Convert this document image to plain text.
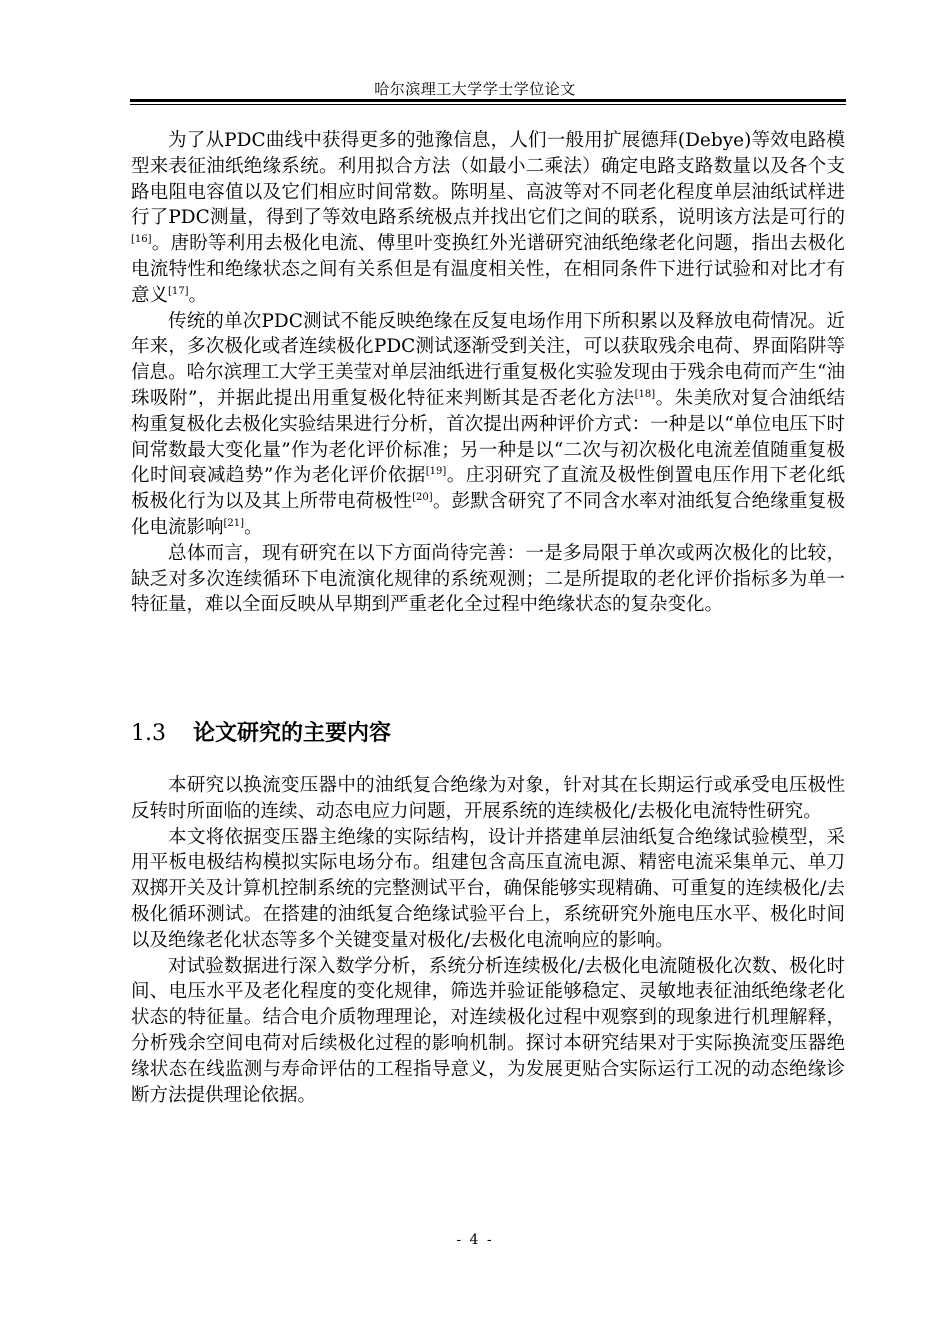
哈尔滨理工大学学士学位论文

为了从PDC曲线中获得更多的弛豫信息，人们一般用扩展德拜(Debye)等效电路模型来表征油纸绝缘系统。利用拟合方法（如最小二乘法）确定电路支路数量以及各个支路电阻电容值以及它们相应时间常数。陈明星、高波等对不同老化程度单层油纸试样进行了PDC测量，得到了等效电路系统极点并找出它们之间的联系，说明该方法是可行的[16]。唐盼等利用去极化电流、傅里叶变换红外光谱研究油纸绝缘老化问题，指出去极化电流特性和绝缘状态之间有关系但是有温度相关性，在相同条件下进行试验和对比才有意义[17]。

传统的单次PDC测试不能反映绝缘在反复电场作用下所积累以及释放电荷情况。近年来，多次极化或者连续极化PDC测试逐渐受到关注，可以获取残余电荷、界面陷阱等信息。哈尔滨理工大学王美莹对单层油纸进行重复极化实验发现由于残余电荷而产生“油珠吸附”，并据此提出用重复极化特征来判断其是否老化方法[18]。朱美欣对复合油纸结构重复极化去极化实验结果进行分析，首次提出两种评价方式：一种是以“单位电压下时间常数最大变化量”作为老化评价标准；另一种是以“二次与初次极化电流差值随重复极化时间衰减趋势”作为老化评价依据[19]。庄羽研究了直流及极性倒置电压作用下老化纸板极化行为以及其上所带电荷极性[20]。彭默含研究了不同含水率对油纸复合绝缘重复极化电流影响[21]。

总体而言，现有研究在以下方面尚待完善：一是多局限于单次或两次极化的比较，缺乏对多次连续循环下电流演化规律的系统观测；二是所提取的老化评价指标多为单一特征量，难以全面反映从早期到严重老化全过程中绝缘状态的复杂变化。

1.3 论文研究的主要内容

本研究以换流变压器中的油纸复合绝缘为对象，针对其在长期运行或承受电压极性反转时所面临的连续、动态电应力问题，开展系统的连续极化/去极化电流特性研究。

本文将依据变压器主绝缘的实际结构，设计并搭建单层油纸复合绝缘试验模型，采用平板电极结构模拟实际电场分布。组建包含高压直流电源、精密电流采集单元、单刀双掷开关及计算机控制系统的完整测试平台，确保能够实现精确、可重复的连续极化/去极化循环测试。在搭建的油纸复合绝缘试验平台上，系统研究外施电压水平、极化时间以及绝缘老化状态等多个关键变量对极化/去极化电流响应的影响。

对试验数据进行深入数学分析，系统分析连续极化/去极化电流随极化次数、极化时间、电压水平及老化程度的变化规律，筛选并验证能够稳定、灵敏地表征油纸绝缘老化状态的特征量。结合电介质物理理论，对连续极化过程中观察到的现象进行机理解释，分析残余空间电荷对后续极化过程的影响机制。探讨本研究结果对于实际换流变压器绝缘状态在线监测与寿命评估的工程指导意义，为发展更贴合实际运行工况的动态绝缘诊断方法提供理论依据。

- 4 -
